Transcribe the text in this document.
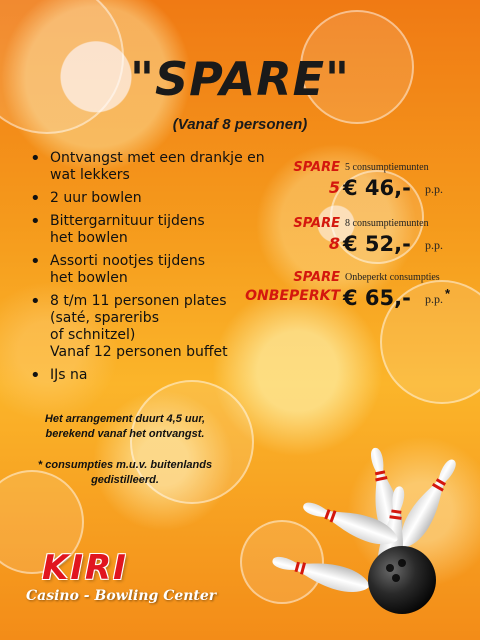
"SPARE"
(Vanaf 8 personen)
• Ontvangst met een drankje en
wat lekkers
• 2 uur bowlen
• Bittergarnituur tijdens
het bowlen
• Assorti nootjes tijdens
het bowlen
• 8 t/m 11 personen plates
(saté, spareribs
of schnitzel)
Vanaf 12 personen buffet
• IJs na
SPARE
5
5 consumptiemunten
€ 46,- p.p.
SPARE
8
8 consumptiemunten
€ 52,- p.p.
SPARE
ONBEPERKT
Onbeperkt consumpties
€ 65,- p.p. *
Het arrangement duurt 4,5 uur, berekend vanaf het ontvangst.
* consumpties m.u.v. buitenlands gedistilleerd.
KIRI
Casino - Bowling Center
